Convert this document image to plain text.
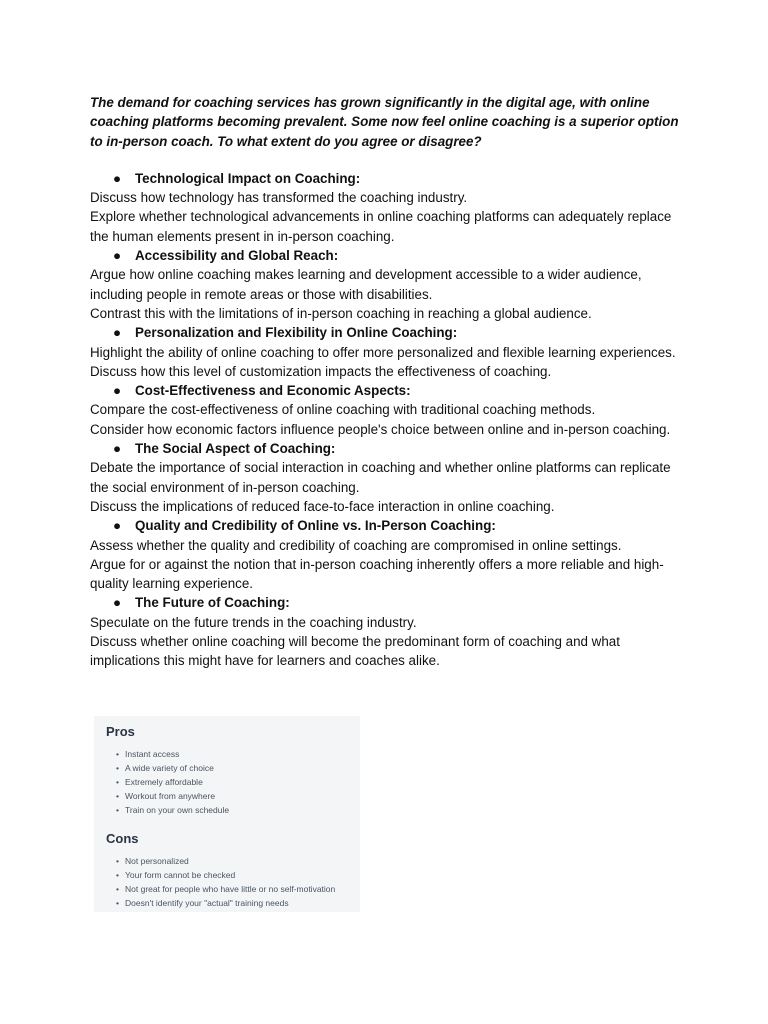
The demand for coaching services has grown significantly in the digital age, with online coaching platforms becoming prevalent. Some now feel online coaching is a superior option to in-person coach. To what extent do you agree or disagree?

● Technological Impact on Coaching:

Discuss how technology has transformed the coaching industry.

Explore whether technological advancements in online coaching platforms can adequately replace the human elements present in in-person coaching.

● Accessibility and Global Reach:

Argue how online coaching makes learning and development accessible to a wider audience, including people in remote areas or those with disabilities.

Contrast this with the limitations of in-person coaching in reaching a global audience.

● Personalization and Flexibility in Online Coaching:

Highlight the ability of online coaching to offer more personalized and flexible learning experiences.

Discuss how this level of customization impacts the effectiveness of coaching.

● Cost-Effectiveness and Economic Aspects:

Compare the cost-effectiveness of online coaching with traditional coaching methods.

Consider how economic factors influence people's choice between online and in-person coaching.

● The Social Aspect of Coaching:

Debate the importance of social interaction in coaching and whether online platforms can replicate the social environment of in-person coaching.

Discuss the implications of reduced face-to-face interaction in online coaching.

● Quality and Credibility of Online vs. In-Person Coaching:

Assess whether the quality and credibility of coaching are compromised in online settings.

Argue for or against the notion that in-person coaching inherently offers a more reliable and high-quality learning experience.

● The Future of Coaching:

Speculate on the future trends in the coaching industry.

Discuss whether online coaching will become the predominant form of coaching and what implications this might have for learners and coaches alike.

Pros
• Instant access
• A wide variety of choice
• Extremely affordable
• Workout from anywhere
• Train on your own schedule
Cons
• Not personalized
• Your form cannot be checked
• Not great for people who have little or no self-motivation
• Doesn't identify your "actual" training needs
